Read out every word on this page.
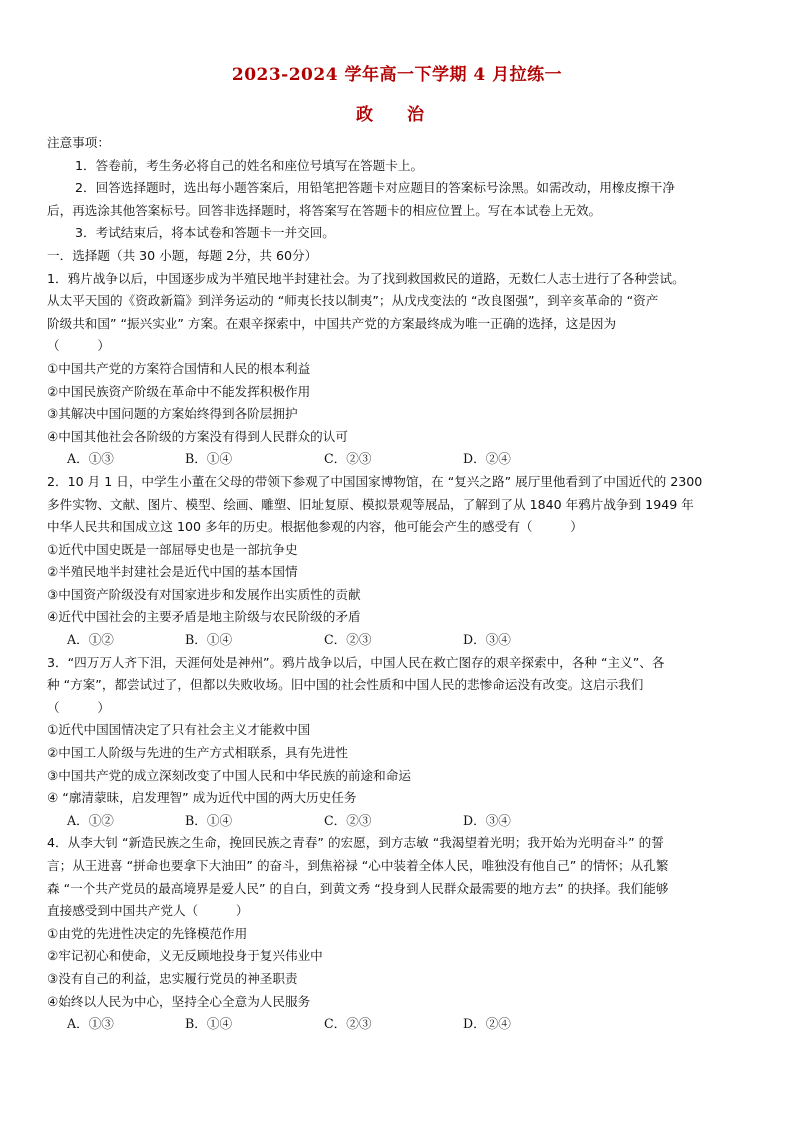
2023-2024 学年高一下学期 4 月拉练一
政 治
注意事项：
1．答卷前，考生务必将自己的姓名和座位号填写在答题卡上。
2．回答选择题时，选出每小题答案后，用铅笔把答题卡对应题目的答案标号涂黑。如需改动，用橡皮擦干净
后，再选涂其他答案标号。回答非选择题时，将答案写在答题卡的相应位置上。写在本试卷上无效。
3．考试结束后，将本试卷和答题卡一并交回。
一．选择题（共 30 小题，每题 2分，共 60分）
1．鸦片战争以后，中国逐步成为半殖民地半封建社会。为了找到救国救民的道路，无数仁人志士进行了各种尝试。
从太平天国的《资政新篇》到洋务运动的 “师夷长技以制夷”；从戊戌变法的 “改良图强”，到辛亥革命的 “资产
阶级共和国” “振兴实业” 方案。在艰辛探索中，中国共产党的方案最终成为唯一正确的选择，这是因为
（　　　）
①中国共产党的方案符合国情和人民的根本利益
②中国民族资产阶级在革命中不能发挥积极作用
③其解决中国问题的方案始终得到各阶层拥护
④中国其他社会各阶级的方案没有得到人民群众的认可
A．①③	B．①④	C．②③	D．②④
2．10 月 1 日，中学生小董在父母的带领下参观了中国国家博物馆，在 “复兴之路” 展厅里他看到了中国近代的 2300
多件实物、文献、图片、模型、绘画、雕塑、旧址复原、模拟景观等展品，了解到了从 1840 年鸦片战争到 1949 年
中华人民共和国成立这 100 多年的历史。根据他参观的内容，他可能会产生的感受有（　　　）
①近代中国史既是一部屈辱史也是一部抗争史
②半殖民地半封建社会是近代中国的基本国情
③中国资产阶级没有对国家进步和发展作出实质性的贡献
④近代中国社会的主要矛盾是地主阶级与农民阶级的矛盾
A．①②	B．①④	C．②③	D．③④
3．“四万万人齐下泪，天涯何处是神州”。鸦片战争以后，中国人民在救亡图存的艰辛探索中，各种 “主义”、各
种 “方案”，都尝试过了，但都以失败收场。旧中国的社会性质和中国人民的悲惨命运没有改变。这启示我们
（　　　）
①近代中国国情决定了只有社会主义才能救中国
②中国工人阶级与先进的生产方式相联系，具有先进性
③中国共产党的成立深刻改变了中国人民和中华民族的前途和命运
④ “廓清蒙昧，启发理智” 成为近代中国的两大历史任务
A．①②	B．①④	C．②③	D．③④
4．从李大钊 “新造民族之生命，挽回民族之青春” 的宏愿，到方志敏 “我渴望着光明；我开始为光明奋斗” 的誓
言；从王进喜 “拼命也要拿下大油田” 的奋斗，到焦裕禄 “心中装着全体人民，唯独没有他自己” 的情怀；从孔繁
森 “一个共产党员的最高境界是爱人民” 的自白，到黄文秀 “投身到人民群众最需要的地方去” 的抉择。我们能够
直接感受到中国共产党人（　　　）
①由党的先进性决定的先锋模范作用
②牢记初心和使命，义无反顾地投身于复兴伟业中
③没有自己的利益，忠实履行党员的神圣职责
④始终以人民为中心，坚持全心全意为人民服务
A．①③	B．①④	C．②③	D．②④
